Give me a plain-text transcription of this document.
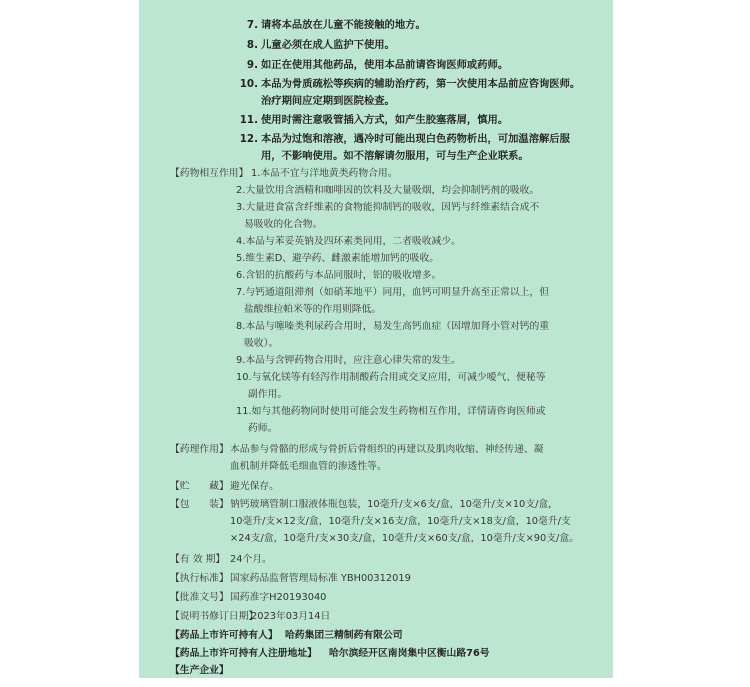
7. 请将本品放在儿童不能接触的地方。
8. 儿童必须在成人监护下使用。
9. 如正在使用其他药品，使用本品前请咨询医师或药师。
10. 本品为骨质疏松等疾病的辅助治疗药，第一次使用本品前应咨询医师。
治疗期间应定期到医院检查。
11. 使用时需注意吸管插入方式，如产生胶塞落屑，慎用。
12. 本品为过饱和溶液，遇冷时可能出现白色药物析出，可加温溶解后服
用，不影响使用。如不溶解请勿服用，可与生产企业联系。
【药物相互作用】 1.本品不宜与洋地黄类药物合用。
2.大量饮用含酒精和咖啡因的饮料及大量吸烟，均会抑制钙剂的吸收。
3.大量进食富含纤维素的食物能抑制钙的吸收，因钙与纤维素结合成不
易吸收的化合物。
4.本品与苯妥英钠及四环素类同用，二者吸收减少。
5.维生素D、避孕药、雌激素能增加钙的吸收。
6.含铝的抗酸药与本品同服时，铝的吸收增多。
7.与钙通道阻滞剂（如硝苯地平）同用，血钙可明显升高至正常以上，但
盐酸维拉帕米等的作用则降低。
8.本品与噻嗪类利尿药合用时，易发生高钙血症（因增加肾小管对钙的重
吸收）。
9.本品与含钾药物合用时，应注意心律失常的发生。
10.与氧化镁等有轻泻作用制酸药合用或交叉应用，可减少嗳气、便秘等
副作用。
11.如与其他药物同时使用可能会发生药物相互作用，详情请咨询医师或
药师。
【药理作用】 本品参与骨骼的形成与骨折后骨组织的再建以及肌肉收缩、神经传递、凝
血机制并降低毛细血管的渗透性等。
【贮　　藏】 避光保存。
【包　　装】 钠钙玻璃管制口服液体瓶包装，10毫升/支×6支/盒，10毫升/支×10支/盒，
10毫升/支×12支/盒，10毫升/支×16支/盒，10毫升/支×18支/盒，10毫升/支
×24支/盒，10毫升/支×30支/盒，10毫升/支×60支/盒，10毫升/支×90支/盒。
【有 效 期】 24个月。
【执行标准】 国家药品监督管理局标准 YBH00312019
【批准文号】 国药准字H20193040
【说明书修订日期】
2023年03月14日
【药品上市许可持有人】 哈药集团三精制药有限公司
【药品上市许可持有人注册地址】 哈尔滨经开区南岗集中区衡山路76号
【生产企业】
